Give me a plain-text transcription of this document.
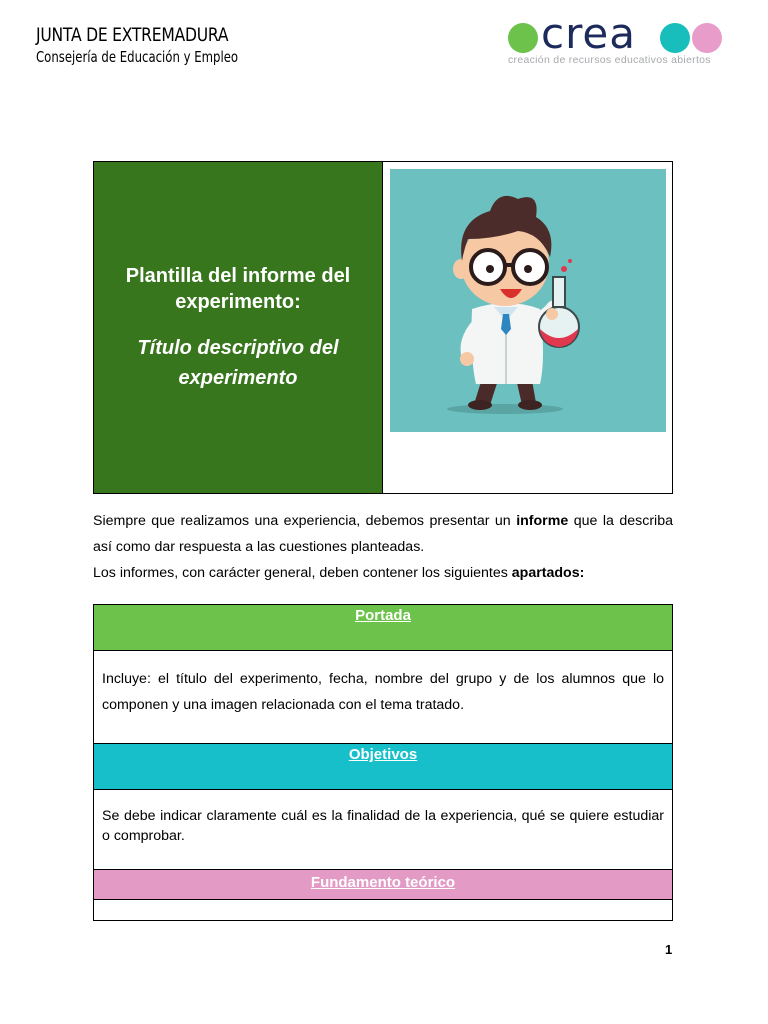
JUNTA DE EXTREMADURA
Consejería de Educación y Empleo	crea
creación de recursos educativos abiertos

Plantilla del informe del experimento:

Título descriptivo del experimento

Siempre que realizamos una experiencia, debemos presentar un informe que la describa así como dar respuesta a las cuestiones planteadas.

Los informes, con carácter general, deben contener los siguientes apartados:

Portada
Incluye: el título del experimento, fecha, nombre del grupo y de los alumnos que lo componen y una imagen relacionada con el tema tratado.
Objetivos
Se debe indicar claramente cuál es la finalidad de la experiencia, qué se quiere estudiar o comprobar.
Fundamento teórico
1
